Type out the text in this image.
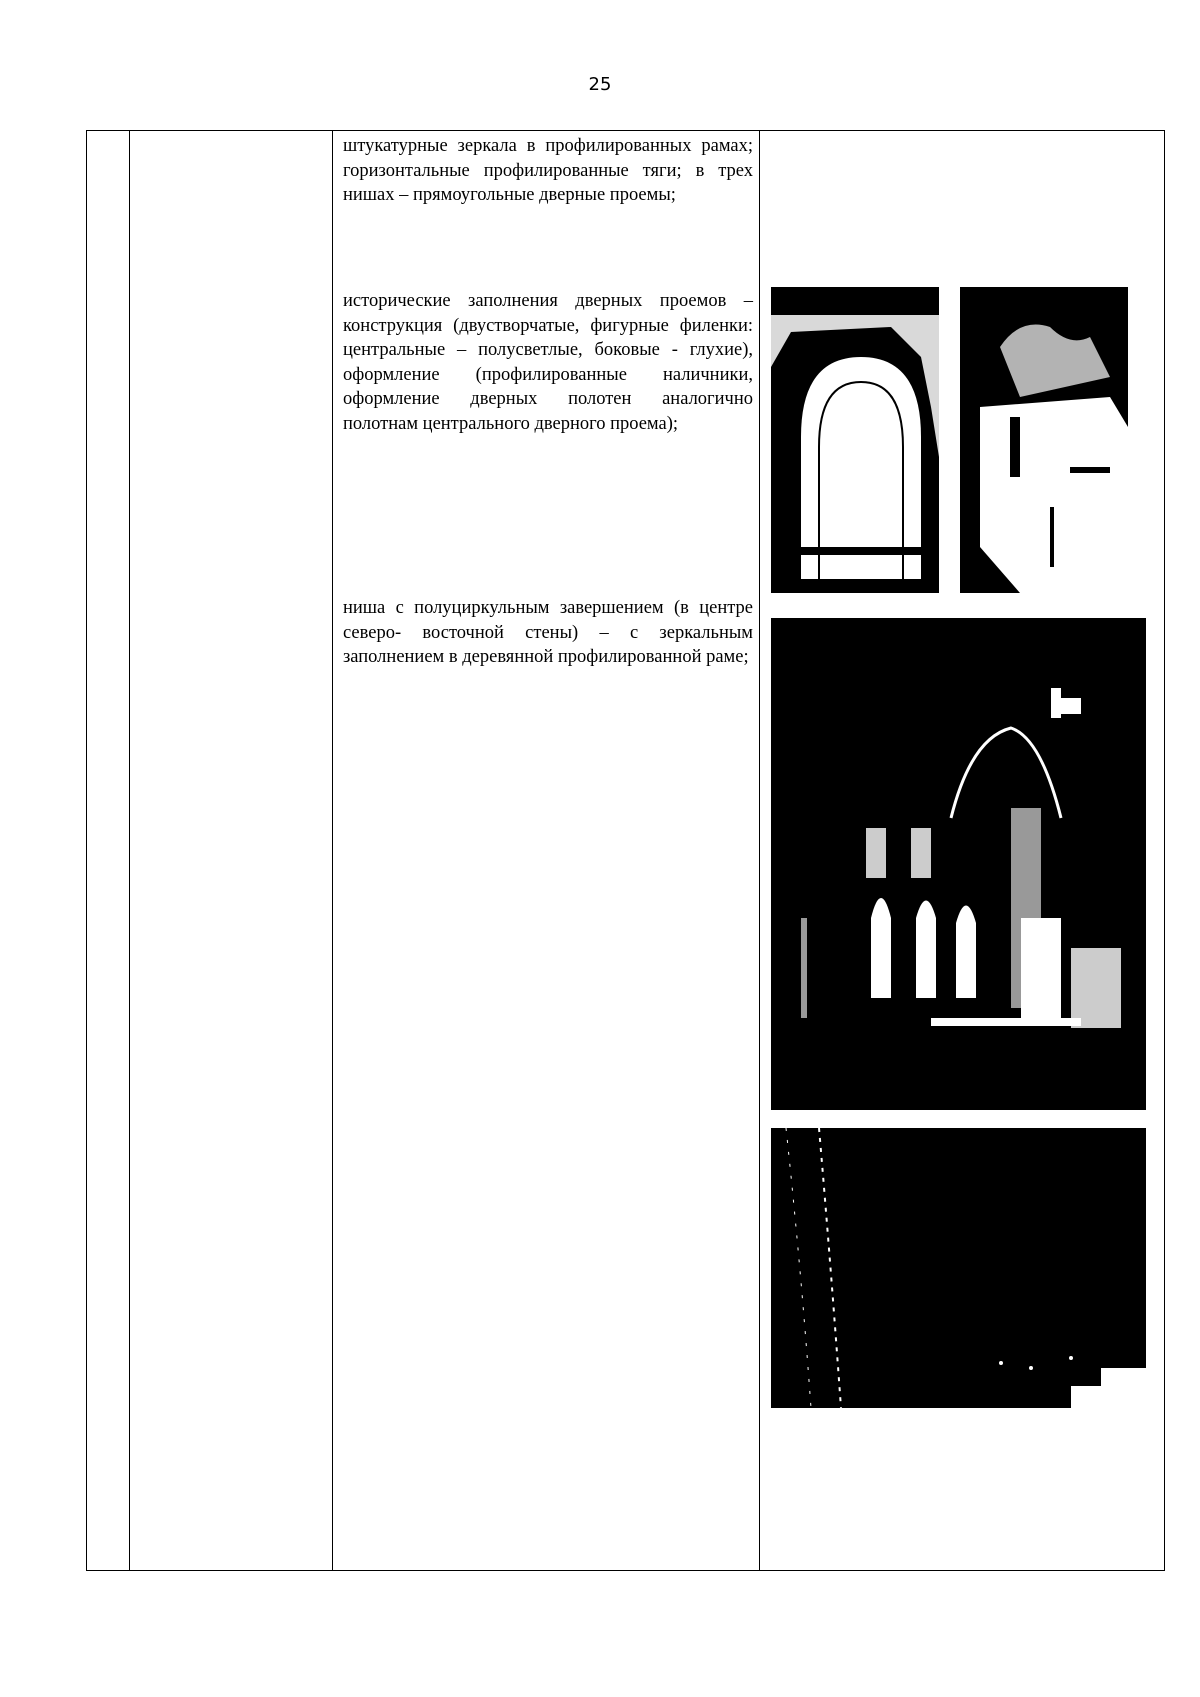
25
штукатурные зеркала в профилированных рамах; горизонтальные профилированные тяги; в трех нишах – прямоугольные дверные проемы;
исторические заполнения дверных проемов – конструкция (двустворчатые, фигурные филенки: центральные – полусветлые, боковые - глухие), оформление (профилированные наличники, оформление дверных полотен аналогично полотнам центрального дверного проема);
ниша с полуциркульным завершением (в центре северо- восточной стены) – с зеркальным заполнением в деревянной профилированной раме;
